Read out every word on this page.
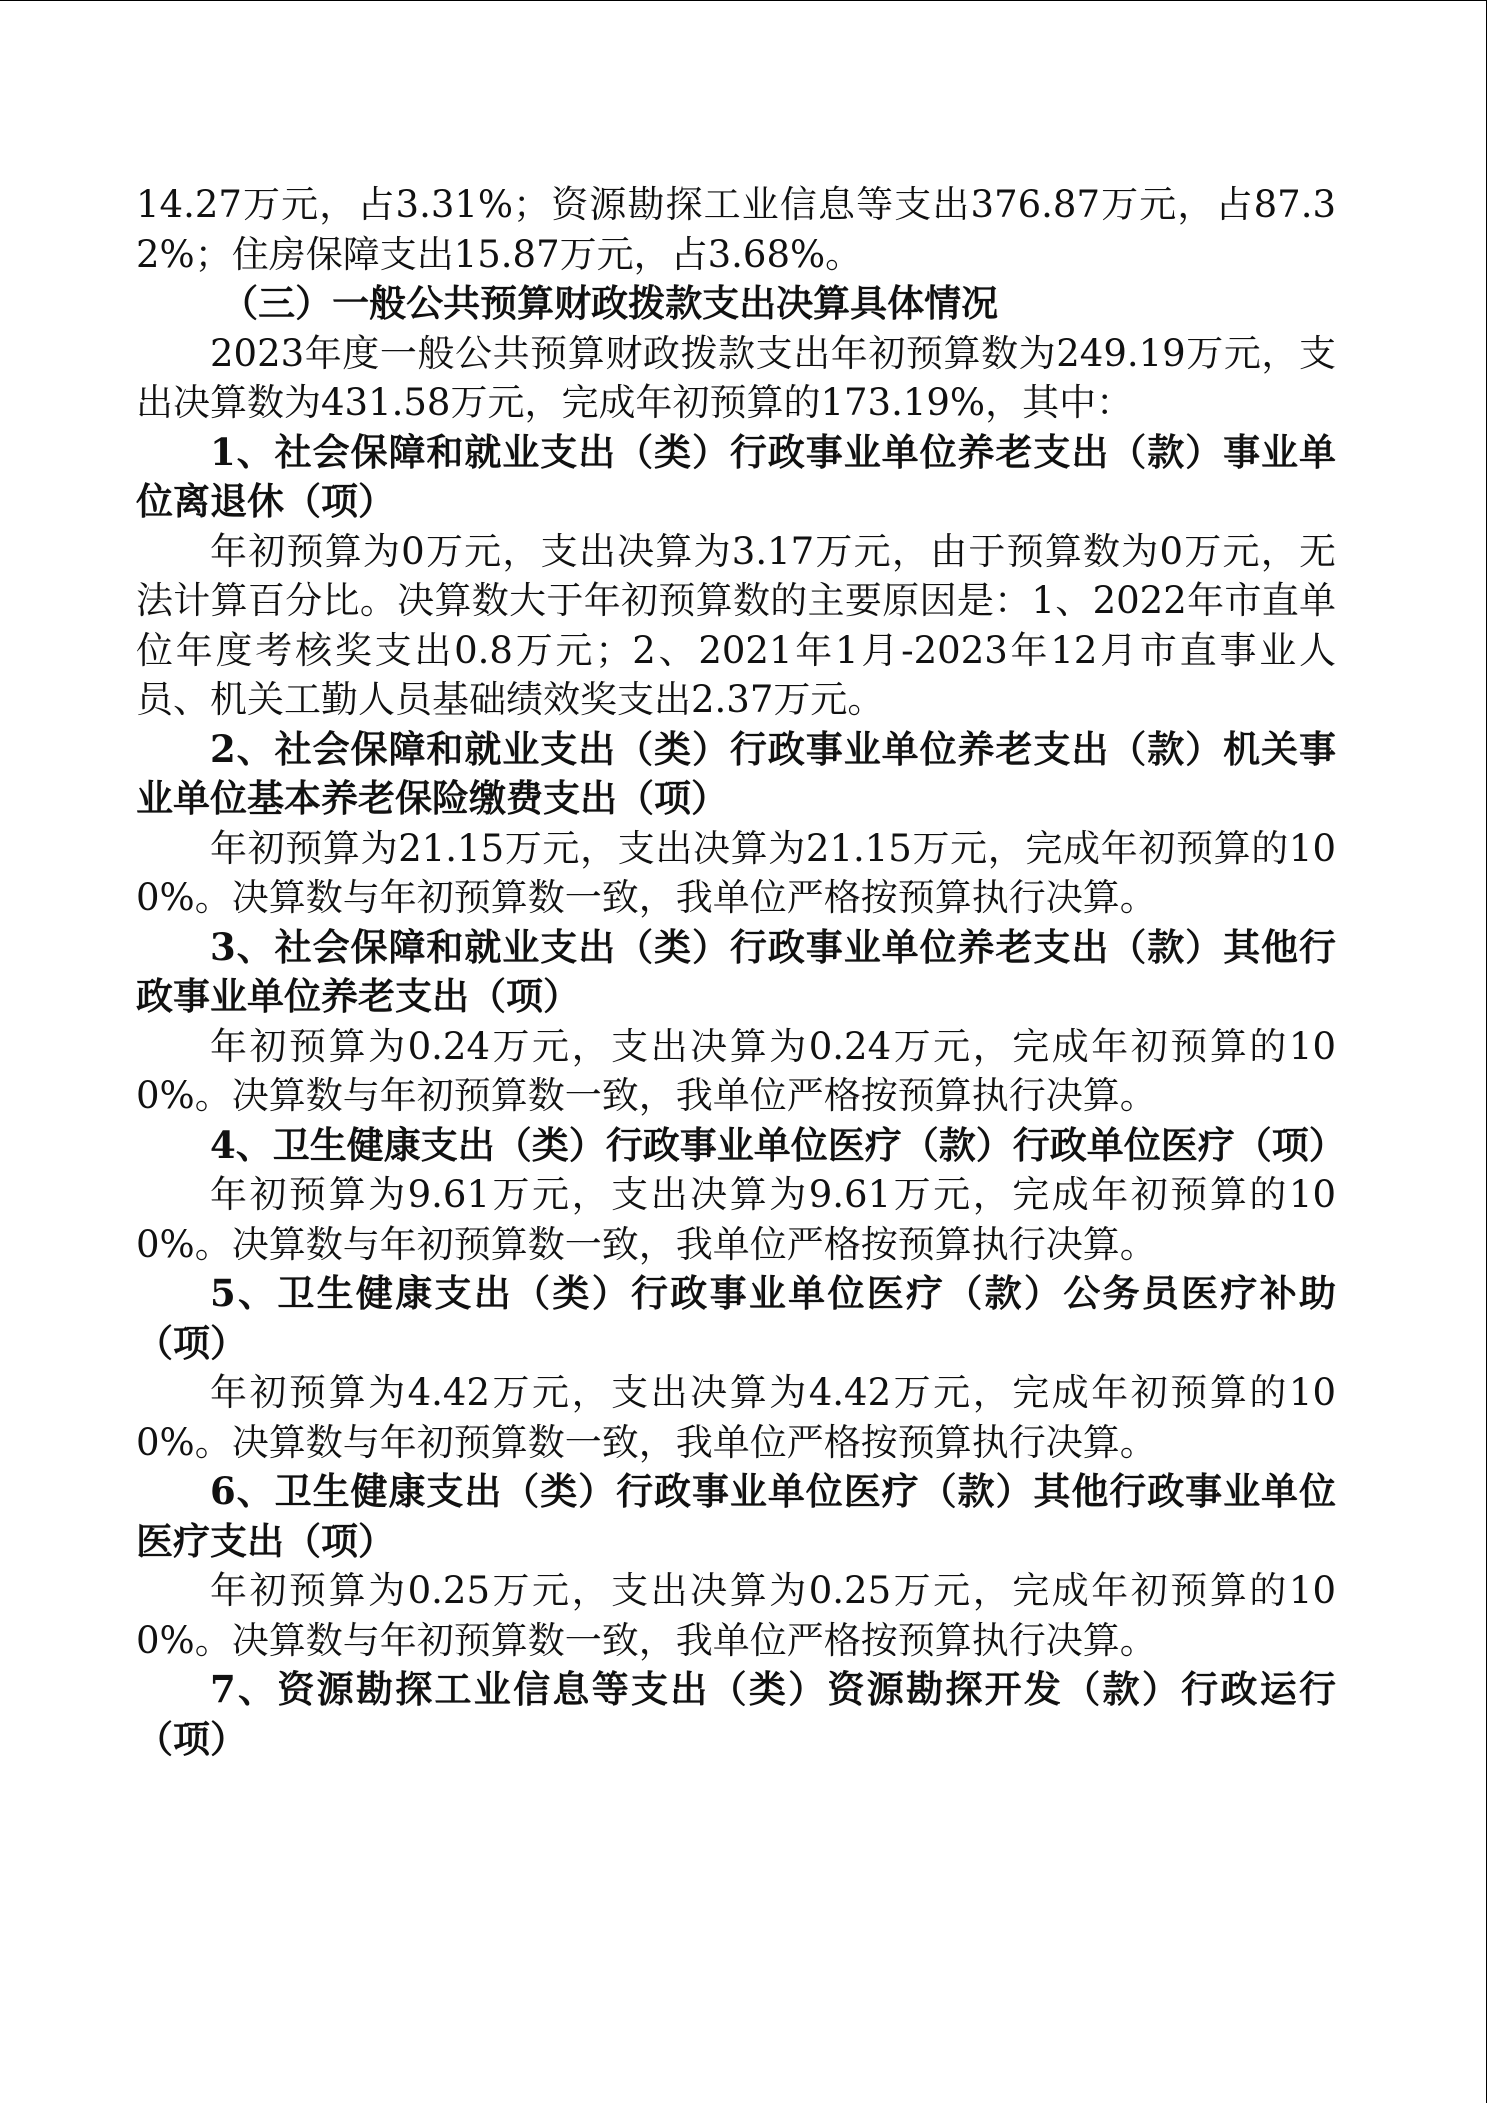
14.27万元，占3.31%；资源勘探工业信息等支出376.87万元，占87.32%；住房保障支出15.87万元，占3.68%。

（三）一般公共预算财政拨款支出决算具体情况

2023年度一般公共预算财政拨款支出年初预算数为249.19万元，支出决算数为431.58万元，完成年初预算的173.19%，其中：

1、社会保障和就业支出（类）行政事业单位养老支出（款）事业单位离退休（项）

年初预算为0万元，支出决算为3.17万元，由于预算数为0万元，无法计算百分比。决算数大于年初预算数的主要原因是：1、2022年市直单位年度考核奖支出0.8万元；2、2021年1月-2023年12月市直事业人员、机关工勤人员基础绩效奖支出2.37万元。

2、社会保障和就业支出（类）行政事业单位养老支出（款）机关事业单位基本养老保险缴费支出（项）

年初预算为21.15万元，支出决算为21.15万元，完成年初预算的100%。决算数与年初预算数一致，我单位严格按预算执行决算。

3、社会保障和就业支出（类）行政事业单位养老支出（款）其他行政事业单位养老支出（项）

年初预算为0.24万元，支出决算为0.24万元，完成年初预算的100%。决算数与年初预算数一致，我单位严格按预算执行决算。

4、卫生健康支出（类）行政事业单位医疗（款）行政单位医疗（项）

年初预算为9.61万元，支出决算为9.61万元，完成年初预算的100%。决算数与年初预算数一致，我单位严格按预算执行决算。

5、卫生健康支出（类）行政事业单位医疗（款）公务员医疗补助（项）

年初预算为4.42万元，支出决算为4.42万元，完成年初预算的100%。决算数与年初预算数一致，我单位严格按预算执行决算。

6、卫生健康支出（类）行政事业单位医疗（款）其他行政事业单位医疗支出（项）

年初预算为0.25万元，支出决算为0.25万元，完成年初预算的100%。决算数与年初预算数一致，我单位严格按预算执行决算。

7、资源勘探工业信息等支出（类）资源勘探开发（款）行政运行（项）
